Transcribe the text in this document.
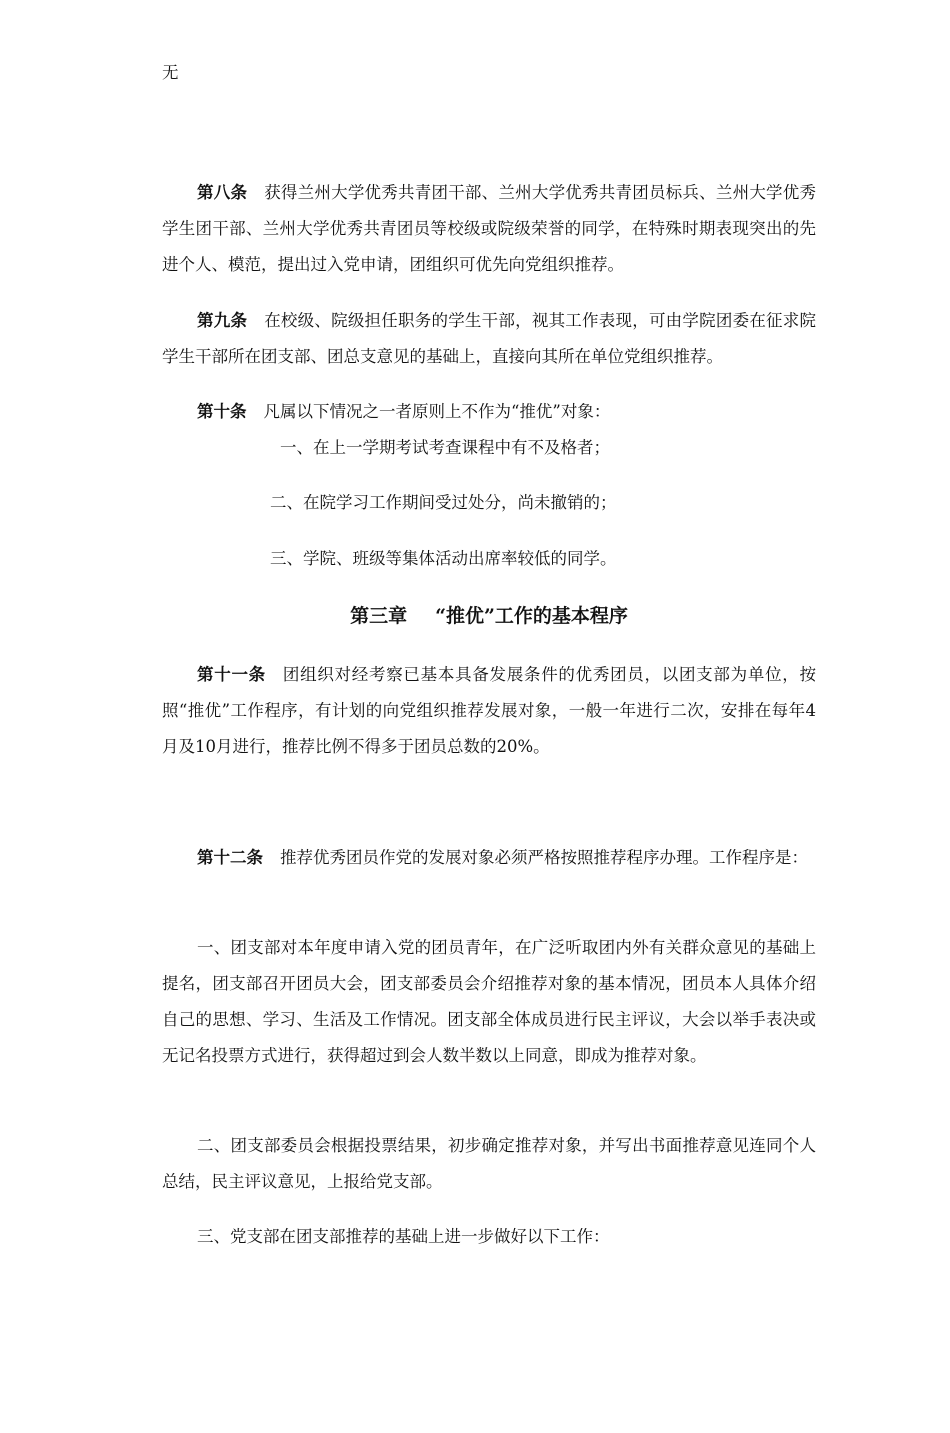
无

第八条 获得兰州大学优秀共青团干部、兰州大学优秀共青团员标兵、兰州大学优秀学生团干部、兰州大学优秀共青团员等校级或院级荣誉的同学，在特殊时期表现突出的先进个人、模范，提出过入党申请，团组织可优先向党组织推荐。

第九条 在校级、院级担任职务的学生干部，视其工作表现，可由学院团委在征求院学生干部所在团支部、团总支意见的基础上，直接向其所在单位党组织推荐。

第十条 凡属以下情况之一者原则上不作为“推优”对象：

一、在上一学期考试考查课程中有不及格者；

二、在院学习工作期间受过处分，尚未撤销的；

三、学院、班级等集体活动出席率较低的同学。

第三章 “推优”工作的基本程序

第十一条 团组织对经考察已基本具备发展条件的优秀团员，以团支部为单位，按照“推优”工作程序，有计划的向党组织推荐发展对象，一般一年进行二次，安排在每年4月及10月进行，推荐比例不得多于团员总数的20%。

第十二条 推荐优秀团员作党的发展对象必须严格按照推荐程序办理。工作程序是：

一、团支部对本年度申请入党的团员青年，在广泛听取团内外有关群众意见的基础上提名，团支部召开团员大会，团支部委员会介绍推荐对象的基本情况，团员本人具体介绍自己的思想、学习、生活及工作情况。团支部全体成员进行民主评议，大会以举手表决或无记名投票方式进行，获得超过到会人数半数以上同意，即成为推荐对象。

二、团支部委员会根据投票结果，初步确定推荐对象，并写出书面推荐意见连同个人总结，民主评议意见，上报给党支部。

三、党支部在团支部推荐的基础上进一步做好以下工作：
